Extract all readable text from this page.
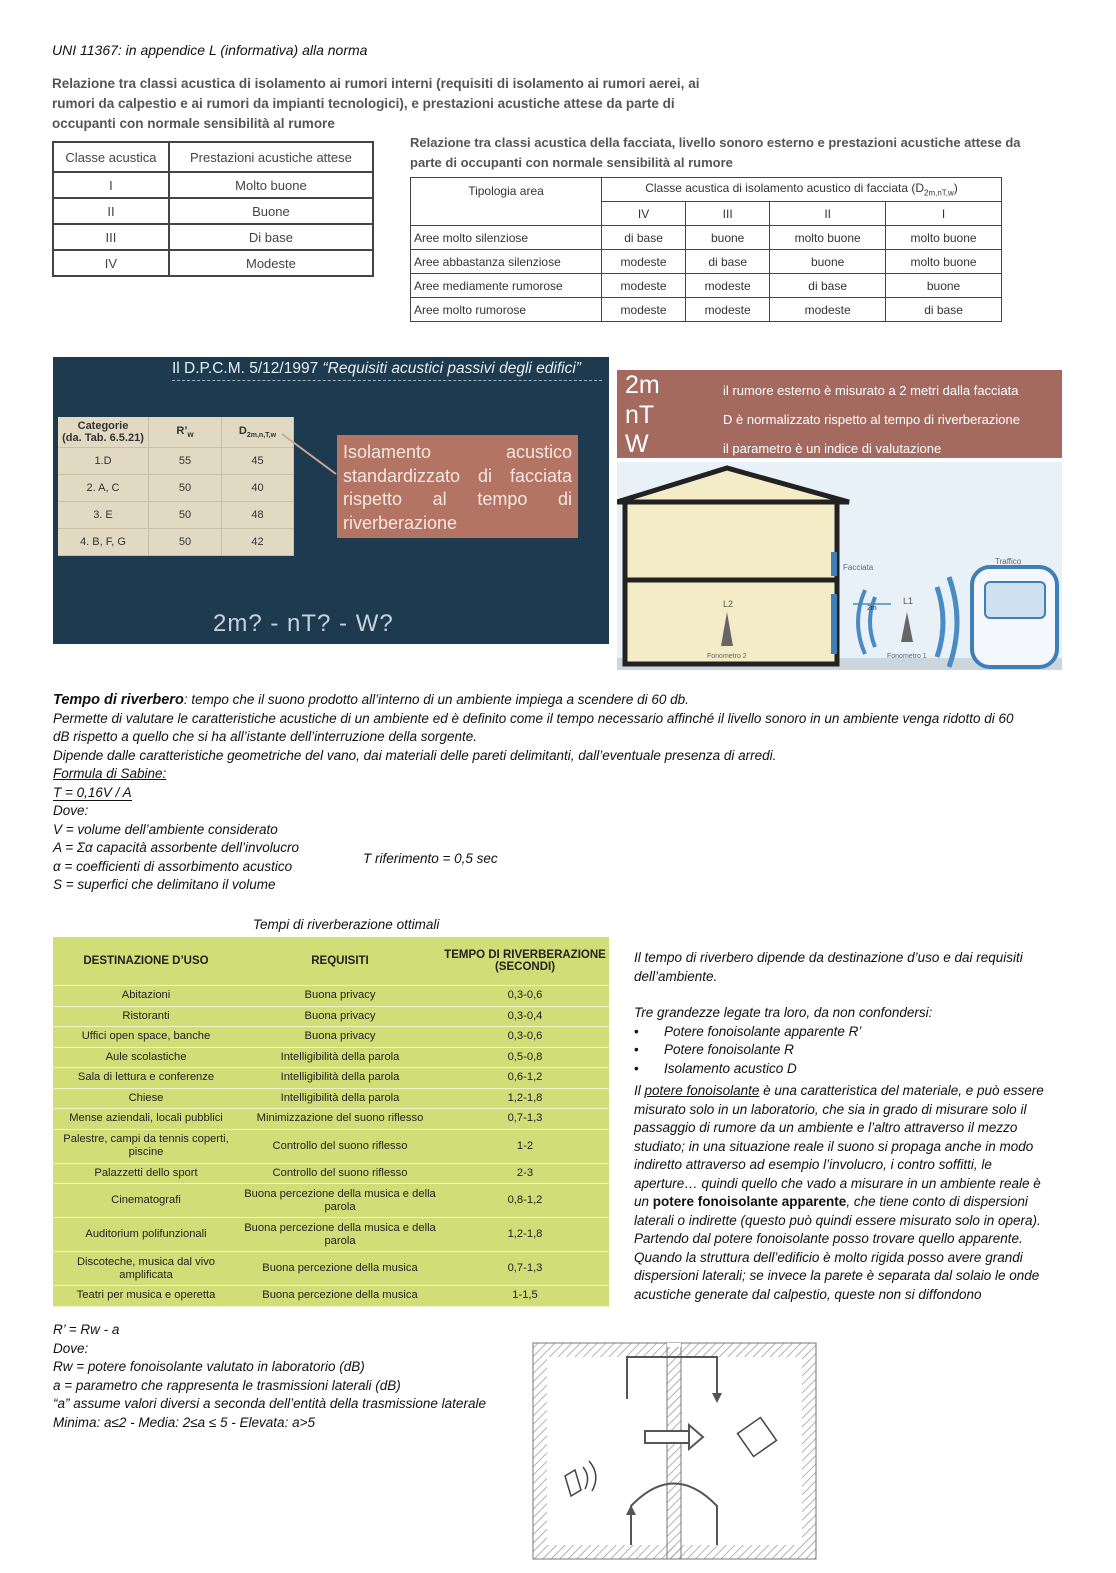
UNI 11367: in appendice L (informativa) alla norma
Relazione tra classi acustica di isolamento ai rumori interni (requisiti di isolamento ai rumori aerei, ai
rumori da calpestio e ai rumori da impianti tecnologici), e prestazioni acustiche attese da parte di
occupanti con normale sensibilità al rumore
Classe acustica	Prestazioni acustiche attese
I	Molto buone
II	Buone
III	Di base
IV	Modeste
Relazione tra classi acustica della facciata, livello sonoro esterno e prestazioni acustiche attese da
parte di occupanti con normale sensibilità al rumore
Tipologia area	Classe acustica di isolamento acustico di facciata $(D_{2m,nT,w})$			
	IV	III	II	I
Aree molto silenziose	di base	buone	molto buone	molto buone
Aree abbastanza silenziose	modeste	di base	buone	molto buone
Aree mediamente rumorose	modeste	modeste	di base	buone
Aree molto rumorose	modeste	modeste	modeste	di base
Il D.P.C.M. 5/12/1997 “Requisiti acustici passivi degli edifici”
Categorie
(da. Tab. 6.5.21)	$R’_w$	$D_{2m,n,T,w}$
1.D	55	45
2. A, C	50	40
3. E	50	48
4. B, F, G	50	42
Isolamento acustico standardizzato di facciata rispetto al tempo di riverberazione
2m? - nT? - W?
2m	il rumore esterno è misurato a 2 metri dalla facciata
nT	D è normalizzato rispetto al tempo di riverberazione
W	il parametro è un indice di valutazione
Facciata
Traffico
L2	L1
2m
Fonometro 2	Fonometro 1
Tempo di riverbero: tempo che il suono prodotto all’interno di un ambiente impiega a scendere di 60 db.
Permette di valutare le caratteristiche acustiche di un ambiente ed è definito come il tempo necessario affinché il livello sonoro in un ambiente venga ridotto di 60
dB rispetto a quello che si ha all’istante dell’interruzione della sorgente.
Dipende dalle caratteristiche geometriche del vano, dai materiali delle pareti delimitanti, dall’eventuale presenza di arredi.
Formula di Sabine:
T = 0,16V / A
Dove:
V = volume dell’ambiente considerato
A = Σα capacità assorbente dell’involucro
α = coefficienti di assorbimento acustico
S = superfici che delimitano il volume
T riferimento = 0,5 sec
Tempi di riverberazione ottimali
DESTINAZIONE D’USO	REQUISITI	TEMPO DI RIVERBERAZIONE (SECONDI)
Abitazioni	Buona privacy	0,3-0,6
Ristoranti	Buona privacy	0,3-0,4
Uffici open space, banche	Buona privacy	0,3-0,6
Aule scolastiche	Intelligibilità della parola	0,5-0,8
Sala di lettura e conferenze	Intelligibilità della parola	0,6-1,2
Chiese	Intelligibilità della parola	1,2-1,8
Mense aziendali, locali pubblici	Minimizzazione del suono riflesso	0,7-1,3
Palestre, campi da tennis coperti, piscine	Controllo del suono riflesso	1-2
Palazzetti dello sport	Controllo del suono riflesso	2-3
Cinematografi	Buona percezione della musica e della parola	0,8-1,2
Auditorium polifunzionali	Buona percezione della musica e della parola	1,2-1,8
Discoteche, musica dal vivo amplificata	Buona percezione della musica	0,7-1,3
Teatri per musica e operetta	Buona percezione della musica	1-1,5
Il tempo di riverbero dipende da destinazione d’uso e dai requisiti dell’ambiente.
Tre grandezze legate tra loro, da non confondersi:
• Potere fonoisolante apparente R’
• Potere fonoisolante R
• Isolamento acustico D
Il potere fonoisolante è una caratteristica del materiale, e può essere misurato solo in un laboratorio, che sia in grado di misurare solo il passaggio di rumore da un ambiente e l’altro attraverso il mezzo studiato; in una situazione reale il suono si propaga anche in modo indiretto attraverso ad esempio l’involucro, i contro soffitti, le aperture… quindi quello che vado a misurare in un ambiente reale è un potere fonoisolante apparente, che tiene conto di dispersioni laterali o indirette (questo può quindi essere misurato solo in opera).
Partendo dal potere fonoisolante posso trovare quello apparente. Quando la struttura dell’edificio è molto rigida posso avere grandi dispersioni laterali; se invece la parete è separata dal solaio le onde acustiche generate dal calpestio, queste non si diffondono
R’ = Rw - a
Dove:
Rw = potere fonoisolante valutato in laboratorio (dB)
a = parametro che rappresenta le trasmissioni laterali (dB)
“a” assume valori diversi a seconda dell’entità della trasmissione laterale
Minima: a≤2 - Media: 2≤a ≤ 5 - Elevata: a>5
